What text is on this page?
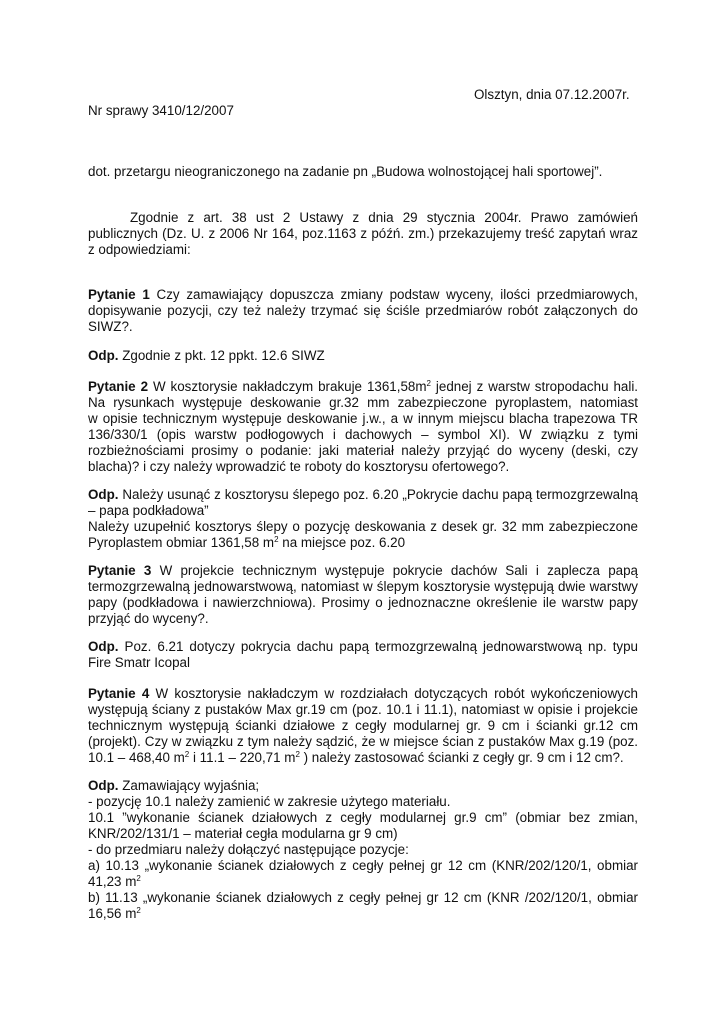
Olsztyn, dnia 07.12.2007r.
Nr sprawy 3410/12/2007
dot. przetargu nieograniczonego na zadanie pn „Budowa wolnostojącej hali sportowej”.
Zgodnie z art. 38 ust 2 Ustawy z dnia 29 stycznia 2004r. Prawo zamówień
publicznych (Dz. U. z 2006 Nr 164, poz.1163 z późń. zm.) przekazujemy treść zapytań wraz
z odpowiedziami:
Pytanie 1 Czy zamawiający dopuszcza zmiany podstaw wyceny, ilości przedmiarowych,
dopisywanie pozycji, czy też należy trzymać się ściśle przedmiarów robót załączonych do
SIWZ?.
Odp. Zgodnie z pkt. 12 ppkt. 12.6 SIWZ
Pytanie 2 W kosztorysie nakładczym brakuje $1361,58m^2$ jednej z warstw stropodachu hali.
Na rysunkach występuje deskowanie gr.32 mm zabezpieczone pyroplastem, natomiast
w opisie technicznym występuje deskowanie j.w., a w innym miejscu blacha trapezowa TR
136/330/1 (opis warstw podłogowych i dachowych – symbol XI). W związku z tymi
rozbieżnościami prosimy o podanie: jaki materiał należy przyjąć do wyceny (deski, czy
blacha)? i czy należy wprowadzić te roboty do kosztorysu ofertowego?.
Odp. Należy usunąć z kosztorysu ślepego poz. 6.20 „Pokrycie dachu papą termozgrzewalną
– papa podkładowa”
Należy uzupełnić kosztorys ślepy o pozycję deskowania z desek gr. 32 mm zabezpieczone
Pyroplastem obmiar 1361,58 $m^2$ na miejsce poz. 6.20
Pytanie 3 W projekcie technicznym występuje pokrycie dachów Sali i zaplecza papą
termozgrzewalną jednowarstwową, natomiast w ślepym kosztorysie występują dwie warstwy
papy (podkładowa i nawierzchniowa). Prosimy o jednoznaczne określenie ile warstw papy
przyjąć do wyceny?.
Odp. Poz. 6.21 dotyczy pokrycia dachu papą termozgrzewalną jednowarstwową np. typu
Fire Smatr Icopal
Pytanie 4 W kosztorysie nakładczym w rozdziałach dotyczących robót wykończeniowych
występują ściany z pustaków Max gr.19 cm (poz. 10.1 i 11.1), natomiast w opisie i projekcie
technicznym występują ścianki działowe z cegły modularnej gr. 9 cm i ścianki gr.12 cm
(projekt). Czy w związku z tym należy sądzić, że w miejsce ścian z pustaków Max g.19 (poz.
10.1 – 468,40 $m^2$ i 11.1 – 220,71 $m^2$ ) należy zastosować ścianki z cegły gr. 9 cm i 12 cm?.
Odp. Zamawiający wyjaśnia;
- pozycję 10.1 należy zamienić w zakresie użytego materiału.
10.1 ”wykonanie ścianek działowych z cegły modularnej gr.9 cm” (obmiar bez zmian,
KNR/202/131/1 – materiał cegła modularna gr 9 cm)
- do przedmiaru należy dołączyć następujące pozycje:
a) 10.13 „wykonanie ścianek działowych z cegły pełnej gr 12 cm (KNR/202/120/1, obmiar
41,23 $m^2$
b) 11.13 „wykonanie ścianek działowych z cegły pełnej gr 12 cm (KNR /202/120/1, obmiar
16,56 $m^2$
